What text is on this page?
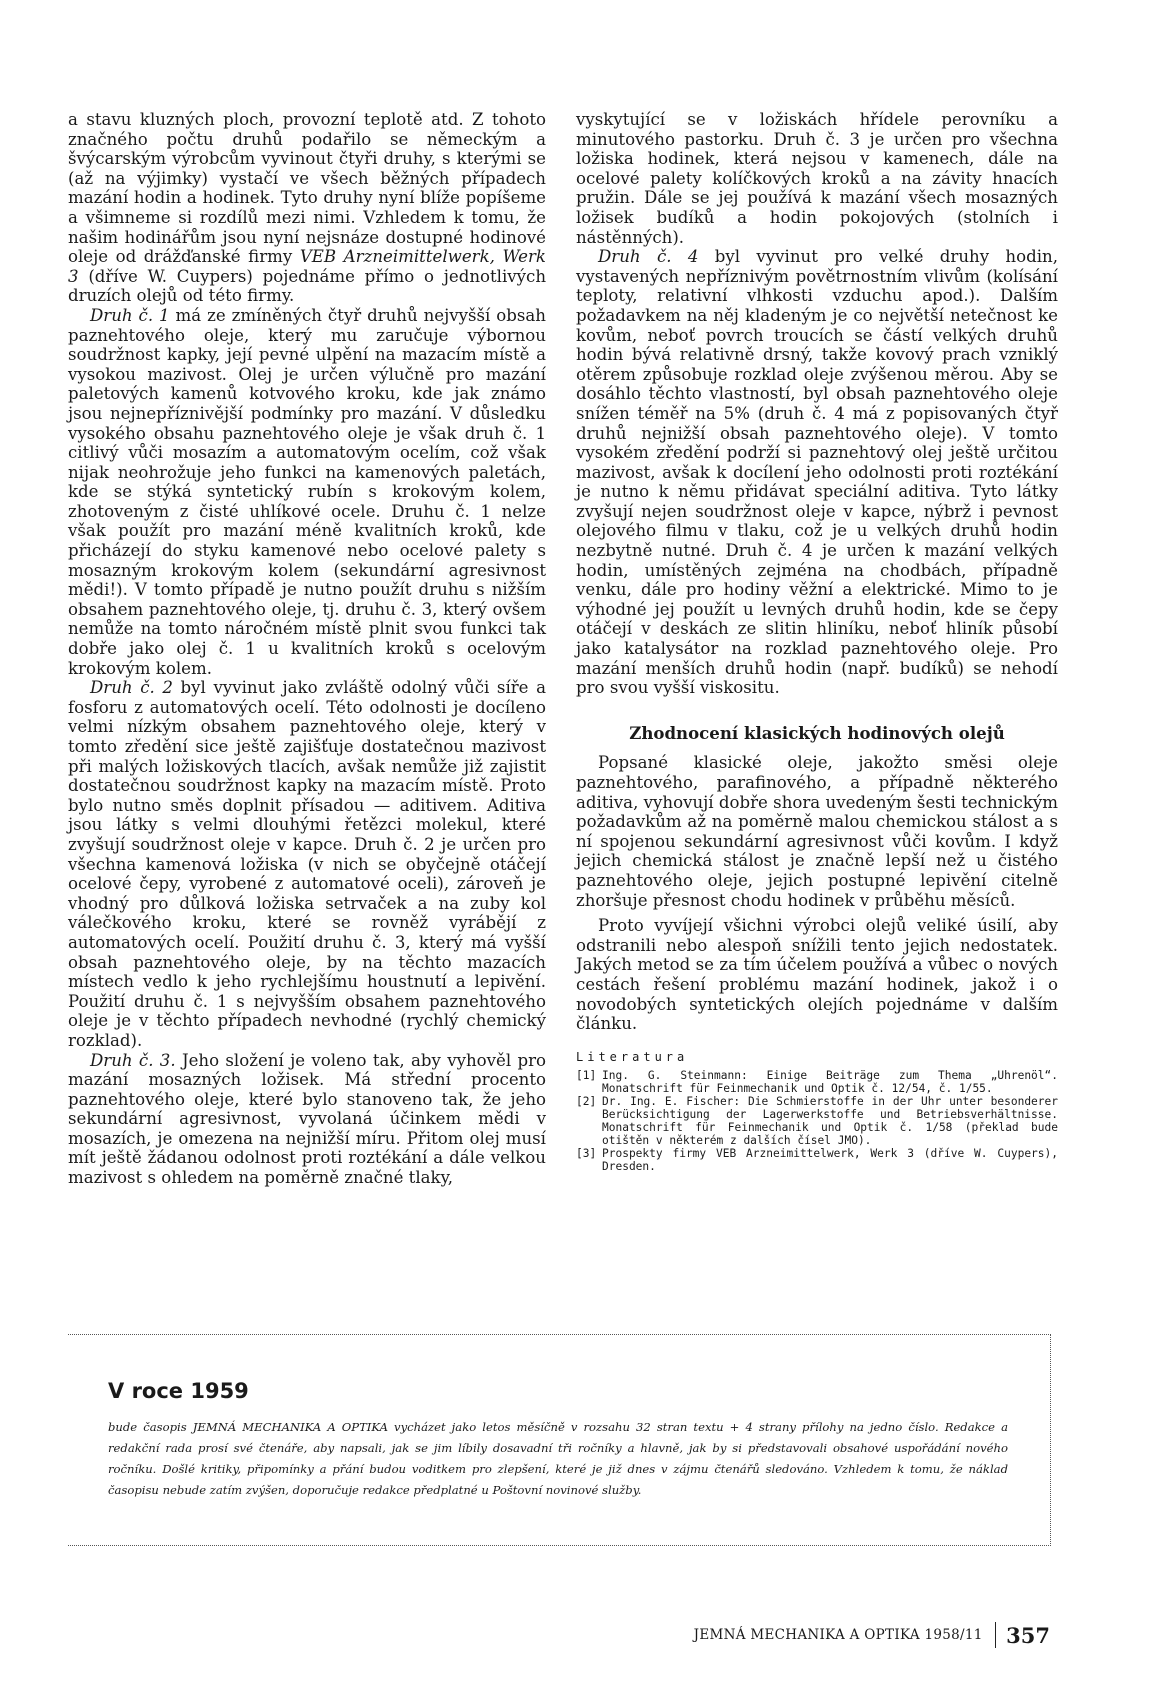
a stavu kluzných ploch, provozní teplotě atd. Z tohoto značného počtu druhů podařilo se německým a švýcarským výrobcům vyvinout čtyři druhy, s kterými se (až na výjimky) vystačí ve všech běžných případech mazání hodin a hodinek. Tyto druhy nyní blíže popíšeme a všimneme si rozdílů mezi nimi. Vzhledem k tomu, že našim hodinářům jsou nyní nejsnáze dostupné hodinové oleje od drážďanské firmy VEB Arzneimittelwerk, Werk 3 (dříve W. Cuypers) pojednáme přímo o jednotlivých druzích olejů od této firmy.

Druh č. 1 má ze zmíněných čtyř druhů nejvyšší obsah paznehtového oleje, který mu zaručuje výbornou soudržnost kapky, její pevné ulpění na mazacím místě a vysokou mazivost. Olej je určen výlučně pro mazání paletových kamenů kotvového kroku, kde jak známo jsou nejnepříznivější podmínky pro mazání. V důsledku vysokého obsahu paznehtového oleje je však druh č. 1 citlivý vůči mosazím a automatovým ocelím, což však nijak neohrožuje jeho funkci na kamenových paletách, kde se stýká syntetický rubín s krokovým kolem, zhotoveným z čisté uhlíkové ocele. Druhu č. 1 nelze však použít pro mazání méně kvalitních kroků, kde přicházejí do styku kamenové nebo ocelové palety s mosazným krokovým kolem (sekundární agresivnost mědi!). V tomto případě je nutno použít druhu s nižším obsahem paznehtového oleje, tj. druhu č. 3, který ovšem nemůže na tomto náročném místě plnit svou funkci tak dobře jako olej č. 1 u kvalitních kroků s ocelovým krokovým kolem.

Druh č. 2 byl vyvinut jako zvláště odolný vůči síře a fosforu z automatových ocelí. Této odolnosti je docíleno velmi nízkým obsahem paznehtového oleje, který v tomto zředění sice ještě zajišťuje dostatečnou mazivost při malých ložiskových tlacích, avšak nemůže již zajistit dostatečnou soudržnost kapky na mazacím místě. Proto bylo nutno směs doplnit přísadou — aditivem. Aditiva jsou látky s velmi dlouhými řetězci molekul, které zvyšují soudržnost oleje v kapce. Druh č. 2 je určen pro všechna kamenová ložiska (v nich se obyčejně otáčejí ocelové čepy, vyrobené z automatové oceli), zároveň je vhodný pro důlková ložiska setrvaček a na zuby kol válečkového kroku, které se rovněž vyrábějí z automatových ocelí. Použití druhu č. 3, který má vyšší obsah paznehtového oleje, by na těchto mazacích místech vedlo k jeho rychlejšímu houstnutí a lepivění. Použití druhu č. 1 s nejvyšším obsahem paznehtového oleje je v těchto případech nevhodné (rychlý chemický rozklad).

Druh č. 3. Jeho složení je voleno tak, aby vyhověl pro mazání mosazných ložisek. Má střední procento paznehtového oleje, které bylo stanoveno tak, že jeho sekundární agresivnost, vyvolaná účinkem mědi v mosazích, je omezena na nejnižší míru. Přitom olej musí mít ještě žádanou odolnost proti roztékání a dále velkou mazivost s ohledem na poměrně značné tlaky,

vyskytující se v ložiskách hřídele perovníku a minutového pastorku. Druh č. 3 je určen pro všechna ložiska hodinek, která nejsou v kamenech, dále na ocelové palety kolíčkových kroků a na závity hnacích pružin. Dále se jej používá k mazání všech mosazných ložisek budíků a hodin pokojových (stolních i nástěnných).

Druh č. 4 byl vyvinut pro velké druhy hodin, vystavených nepříznivým povětrnostním vlivům (kolísání teploty, relativní vlhkosti vzduchu apod.). Dalším požadavkem na něj kladeným je co největší netečnost ke kovům, neboť povrch troucích se částí velkých druhů hodin bývá relativně drsný, takže kovový prach vzniklý otěrem způsobuje rozklad oleje zvýšenou měrou. Aby se dosáhlo těchto vlastností, byl obsah paznehtového oleje snížen téměř na 5% (druh č. 4 má z popisovaných čtyř druhů nejnižší obsah paznehtového oleje). V tomto vysokém zředění podrží si paznehtový olej ještě určitou mazivost, avšak k docílení jeho odolnosti proti roztékání je nutno k němu přidávat speciální aditiva. Tyto látky zvyšují nejen soudržnost oleje v kapce, nýbrž i pevnost olejového filmu v tlaku, což je u velkých druhů hodin nezbytně nutné. Druh č. 4 je určen k mazání velkých hodin, umístěných zejména na chodbách, případně venku, dále pro hodiny věžní a elektrické. Mimo to je výhodné jej použít u levných druhů hodin, kde se čepy otáčejí v deskách ze slitin hliníku, neboť hliník působí jako katalysátor na rozklad paznehtového oleje. Pro mazání menších druhů hodin (např. budíků) se nehodí pro svou vyšší viskositu.

Zhodnocení klasických hodinových olejů

Popsané klasické oleje, jakožto směsi oleje paznehtového, parafinového, a případně některého aditiva, vyhovují dobře shora uvedeným šesti technickým požadavkům až na poměrně malou chemickou stálost a s ní spojenou sekundární agresivnost vůči kovům. I když jejich chemická stálost je značně lepší než u čistého paznehtového oleje, jejich postupné lepivění citelně zhoršuje přesnost chodu hodinek v průběhu měsíců.

Proto vyvíjejí všichni výrobci olejů veliké úsilí, aby odstranili nebo alespoň snížili tento jejich nedostatek. Jakých metod se za tím účelem používá a vůbec o nových cestách řešení problému mazání hodinek, jakož i o novodobých syntetických olejích pojednáme v dalším článku.

Literatura
[1] Ing. G. Steinmann: Einige Beiträge zum Thema „Uhrenöl“. Monatschrift für Feinmechanik und Optik č. 12/54, č. 1/55.
[2] Dr. Ing. E. Fischer: Die Schmierstoffe in der Uhr unter besonderer Berücksichtigung der Lagerwerkstoffe und Betriebsverhältnisse. Monatschrift für Feinmechanik und Optik č. 1/58 (překlad bude otištěn v některém z dalších čísel JMO).
[3] Prospekty firmy VEB Arzneimittelwerk, Werk 3 (dříve W. Cuypers), Dresden.
V roce 1959
bude časopis JEMNÁ MECHANIKA A OPTIKA vycházet jako letos měsíčně v rozsahu 32 stran textu + 4 strany přílohy na jedno číslo. Redakce a redakční rada prosí své čtenáře, aby napsali, jak se jim líbily dosavadní tři ročníky a hlavně, jak by si představovali obsahové uspořádání nového ročníku. Došlé kritiky, připomínky a přání budou voditkem pro zlepšení, které je již dnes v zájmu čtenářů sledováno. Vzhledem k tomu, že náklad časopisu nebude zatím zvýšen, doporučuje redakce předplatné u Poštovní novinové služby.
JEMNÁ MECHANIKA A OPTIKA 1958/11 357
